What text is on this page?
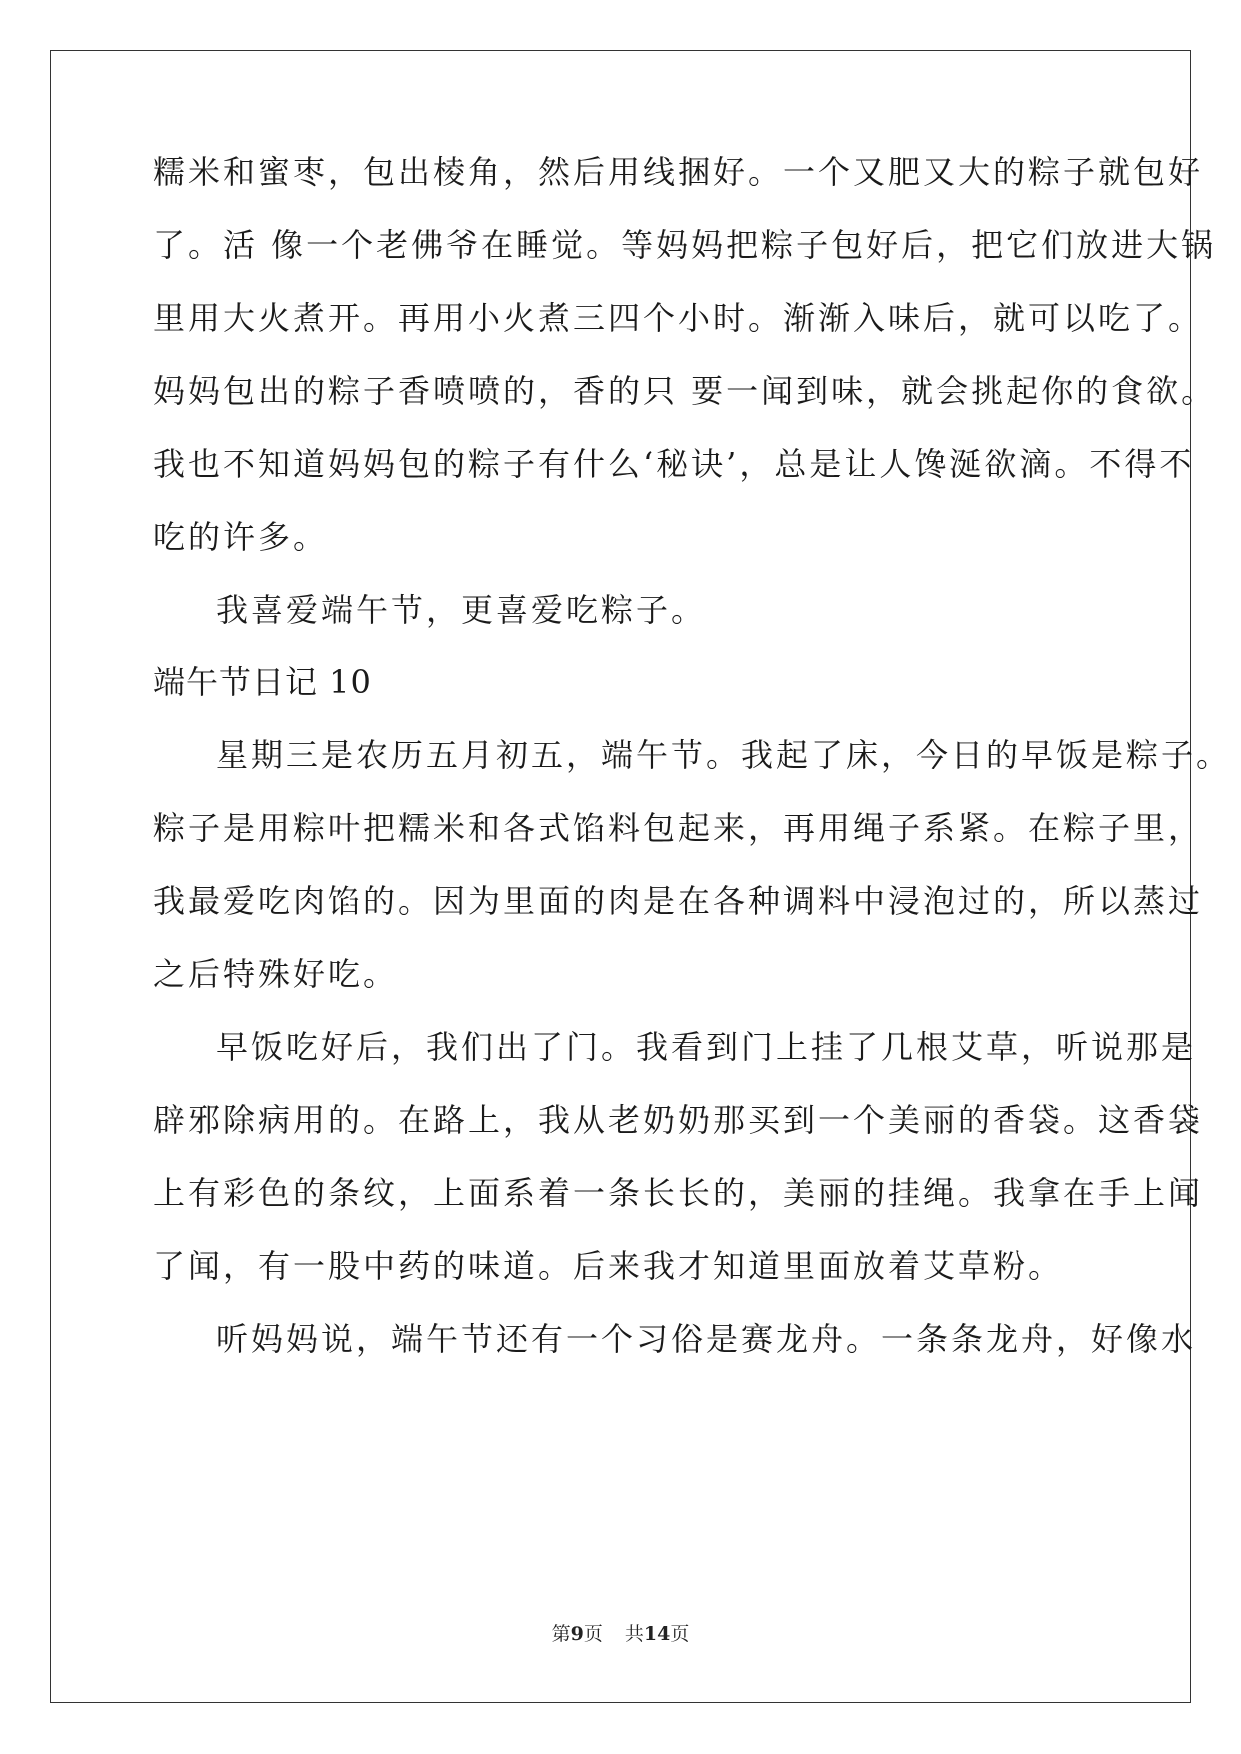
糯米和蜜枣，包出棱角，然后用线捆好。一个又肥又大的粽子就包好
了。活 像一个老佛爷在睡觉。等妈妈把粽子包好后，把它们放进大锅
里用大火煮开。再用小火煮三四个小时。渐渐入味后，就可以吃了。
妈妈包出的粽子香喷喷的，香的只 要一闻到味，就会挑起你的食欲。
我也不知道妈妈包的粽子有什么‘秘诀’，总是让人馋涎欲滴。不得不
吃的许多。
我喜爱端午节，更喜爱吃粽子。
端午节日记 10
星期三是农历五月初五，端午节。我起了床，今日的早饭是粽子。
粽子是用粽叶把糯米和各式馅料包起来，再用绳子系紧。在粽子里，
我最爱吃肉馅的。因为里面的肉是在各种调料中浸泡过的，所以蒸过
之后特殊好吃。
早饭吃好后，我们出了门。我看到门上挂了几根艾草，听说那是
辟邪除病用的。在路上，我从老奶奶那买到一个美丽的香袋。这香袋
上有彩色的条纹，上面系着一条长长的，美丽的挂绳。我拿在手上闻
了闻，有一股中药的味道。后来我才知道里面放着艾草粉。
听妈妈说，端午节还有一个习俗是赛龙舟。一条条龙舟，好像水
第9页 共14页
